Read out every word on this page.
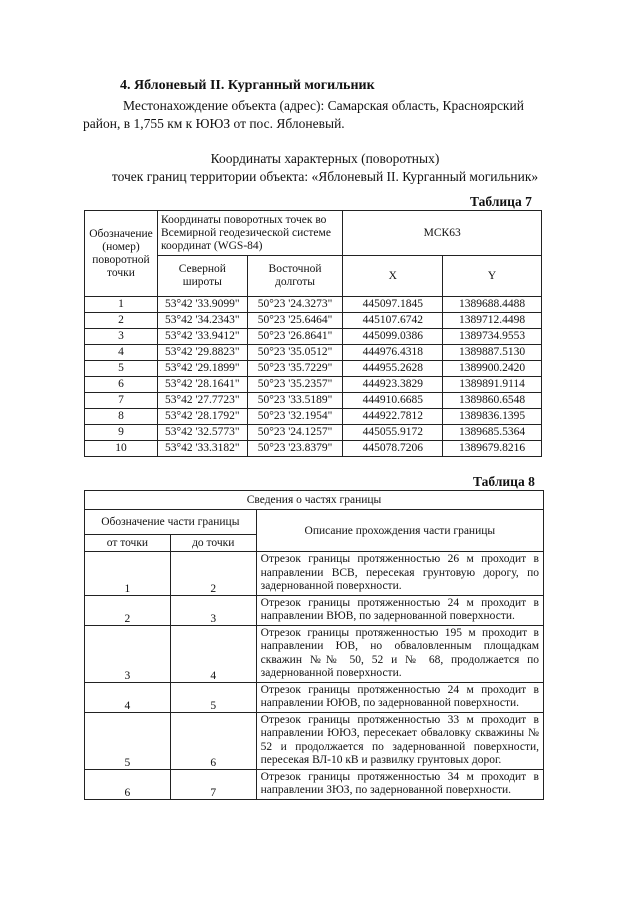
4. Яблоневый II. Курганный могильник
Местонахождение объекта (адрес): Самарская область, Красноярский район, в 1,755 км к ЮЮЗ от пос. Яблоневый.
Координаты характерных (поворотных)
точек границ территории объекта: «Яблоневый II. Курганный могильник»
Таблица 7
Обозначение (номер) поворотной точки	Координаты поворотных точек во Всемирной геодезической системе координат (WGS-84)		МСК63	
	Северной широты	Восточной долготы	X	Y
1	53°42 '33.9099"	50°23 '24.3273"	445097.1845	1389688.4488
2	53°42 '34.2343"	50°23 '25.6464"	445107.6742	1389712.4498
3	53°42 '33.9412"	50°23 '26.8641"	445099.0386	1389734.9553
4	53°42 '29.8823"	50°23 '35.0512"	444976.4318	1389887.5130
5	53°42 '29.1899"	50°23 '35.7229"	444955.2628	1389900.2420
6	53°42 '28.1641"	50°23 '35.2357"	444923.3829	1389891.9114
7	53°42 '27.7723"	50°23 '33.5189"	444910.6685	1389860.6548
8	53°42 '28.1792"	50°23 '32.1954"	444922.7812	1389836.1395
9	53°42 '32.5773"	50°23 '24.1257"	445055.9172	1389685.5364
10	53°42 '33.3182"	50°23 '23.8379"	445078.7206	1389679.8216
Таблица 8
Сведения о частях границы		
Обозначение части границы		Описание прохождения части границы
от точки	до точки	
1	2	Отрезок границы протяженностью 26 м проходит в направлении ВСВ, пересекая грунтовую дорогу, по задернованной поверхности.
2	3	Отрезок границы протяженностью 24 м проходит в направлении ВЮВ, по задернованной поверхности.
3	4	Отрезок границы протяженностью 195 м проходит в направлении ЮВ, но обваловленным площадкам скважин №№ 50, 52 и № 68, продолжается по задернованной поверхности.
4	5	Отрезок границы протяженностью 24 м проходит в направлении ЮЮВ, по задернованной поверхности.
5	6	Отрезок границы протяженностью 33 м проходит в направлении ЮЮЗ, пересекает обваловку скважины № 52 и продолжается по задернованной поверхности, пересекая ВЛ-10 кВ и развилку грунтовых дорог.
6	7	Отрезок границы протяженностью 34 м проходит в направлении ЗЮЗ, по задернованной поверхности.
